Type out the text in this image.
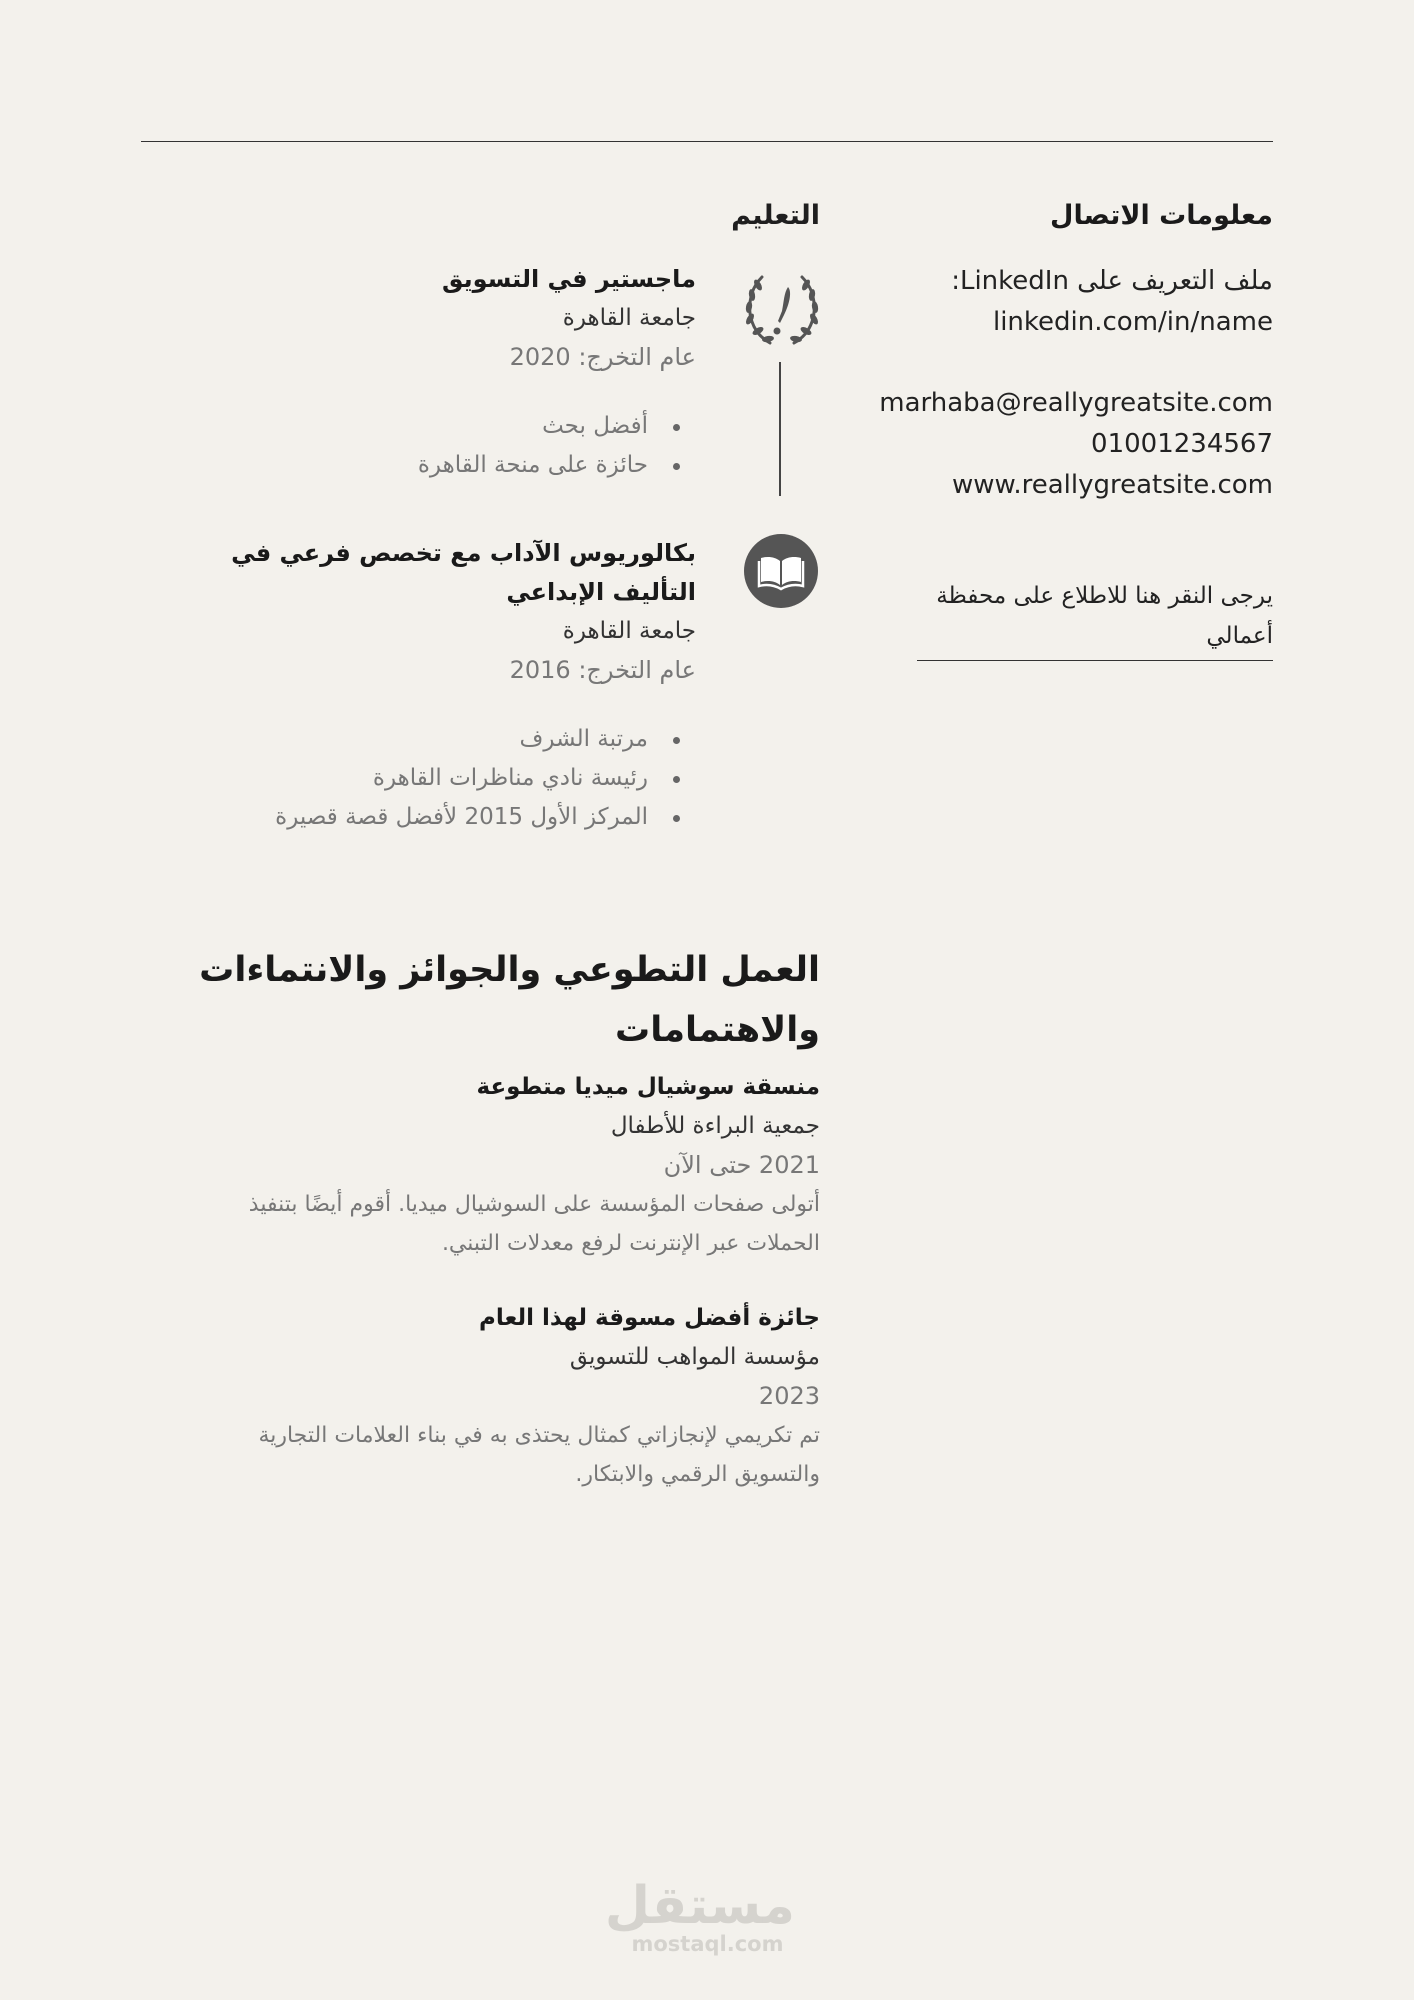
معلومات الاتصال
ملف التعريف على LinkedIn:
linkedin.com/in/name
marhaba@reallygreatsite.com
01001234567
www.reallygreatsite.com
يرجى النقر هنا للاطلاع على محفظة أعمالي
التعليم
ماجستير في التسويق
جامعة القاهرة
عام التخرج: 2020
أفضل بحث
حائزة على منحة القاهرة
بكالوريوس الآداب مع تخصص فرعي في التأليف الإبداعي
جامعة القاهرة
عام التخرج: 2016
مرتبة الشرف
رئيسة نادي مناظرات القاهرة
المركز الأول 2015 لأفضل قصة قصيرة
العمل التطوعي والجوائز والانتماءات والاهتمامات
منسقة سوشيال ميديا متطوعة
جمعية البراءة للأطفال
2021 حتى الآن
أتولى صفحات المؤسسة على السوشيال ميديا. أقوم أيضًا بتنفيذ الحملات عبر الإنترنت لرفع معدلات التبني.
جائزة أفضل مسوقة لهذا العام
مؤسسة المواهب للتسويق
2023
تم تكريمي لإنجازاتي كمثال يحتذى به في بناء العلامات التجارية والتسويق الرقمي والابتكار.
مستقل
mostaql.com
